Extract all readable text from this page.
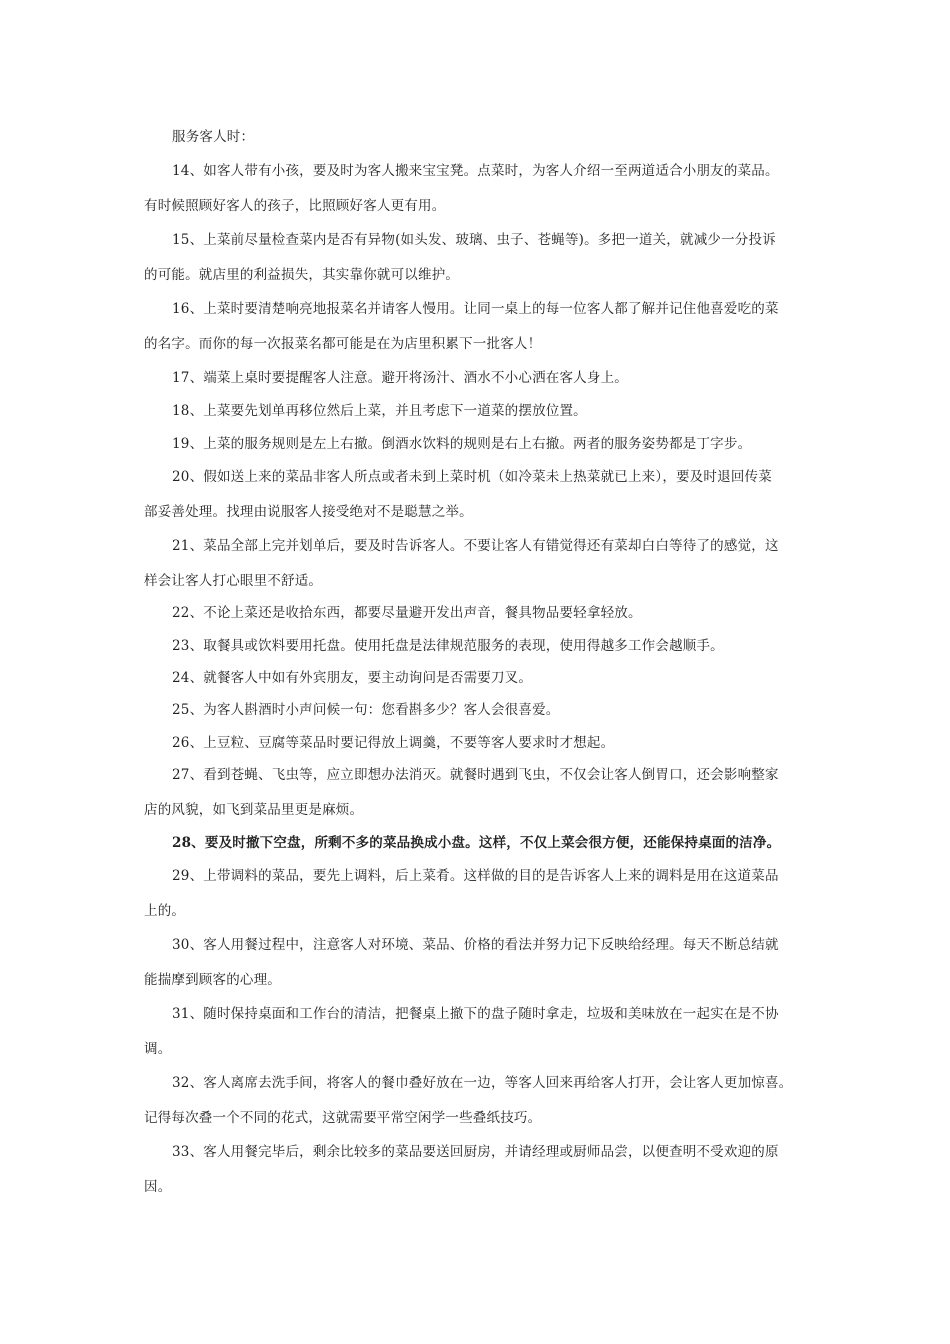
服务客人时：
14、如客人带有小孩，要及时为客人搬来宝宝凳。点菜时，为客人介绍一至两道适合小朋友的菜品。
有时候照顾好客人的孩子，比照顾好客人更有用。
15、上菜前尽量检查菜内是否有异物(如头发、玻璃、虫子、苍蝇等)。多把一道关，就减少一分投诉
的可能。就店里的利益损失，其实靠你就可以维护。
16、上菜时要清楚响亮地报菜名并请客人慢用。让同一桌上的每一位客人都了解并记住他喜爱吃的菜
的名字。而你的每一次报菜名都可能是在为店里积累下一批客人！
17、端菜上桌时要提醒客人注意。避开将汤汁、酒水不小心洒在客人身上。
18、上菜要先划单再移位然后上菜，并且考虑下一道菜的摆放位置。
19、上菜的服务规则是左上右撤。倒酒水饮料的规则是右上右撤。两者的服务姿势都是丁字步。
20、假如送上来的菜品非客人所点或者未到上菜时机（如冷菜未上热菜就已上来），要及时退回传菜
部妥善处理。找理由说服客人接受绝对不是聪慧之举。
21、菜品全部上完并划单后，要及时告诉客人。不要让客人有错觉得还有菜却白白等待了的感觉，这
样会让客人打心眼里不舒适。
22、不论上菜还是收拾东西，都要尽量避开发出声音，餐具物品要轻拿轻放。
23、取餐具或饮料要用托盘。使用托盘是法律规范服务的表现，使用得越多工作会越顺手。
24、就餐客人中如有外宾朋友，要主动询问是否需要刀叉。
25、为客人斟酒时小声问候一句：您看斟多少？客人会很喜爱。
26、上豆粒、豆腐等菜品时要记得放上调羹，不要等客人要求时才想起。
27、看到苍蝇、飞虫等，应立即想办法消灭。就餐时遇到飞虫，不仅会让客人倒胃口，还会影响整家
店的风貌，如飞到菜品里更是麻烦。
28、要及时撤下空盘，所剩不多的菜品换成小盘。这样，不仅上菜会很方便，还能保持桌面的洁净。
29、上带调料的菜品，要先上调料，后上菜肴。这样做的目的是告诉客人上来的调料是用在这道菜品
上的。
30、客人用餐过程中，注意客人对环境、菜品、价格的看法并努力记下反映给经理。每天不断总结就
能揣摩到顾客的心理。
31、随时保持桌面和工作台的清洁，把餐桌上撤下的盘子随时拿走，垃圾和美味放在一起实在是不协
调。
32、客人离席去洗手间，将客人的餐巾叠好放在一边，等客人回来再给客人打开，会让客人更加惊喜。
记得每次叠一个不同的花式，这就需要平常空闲学一些叠纸技巧。
33、客人用餐完毕后，剩余比较多的菜品要送回厨房，并请经理或厨师品尝，以便查明不受欢迎的原
因。
